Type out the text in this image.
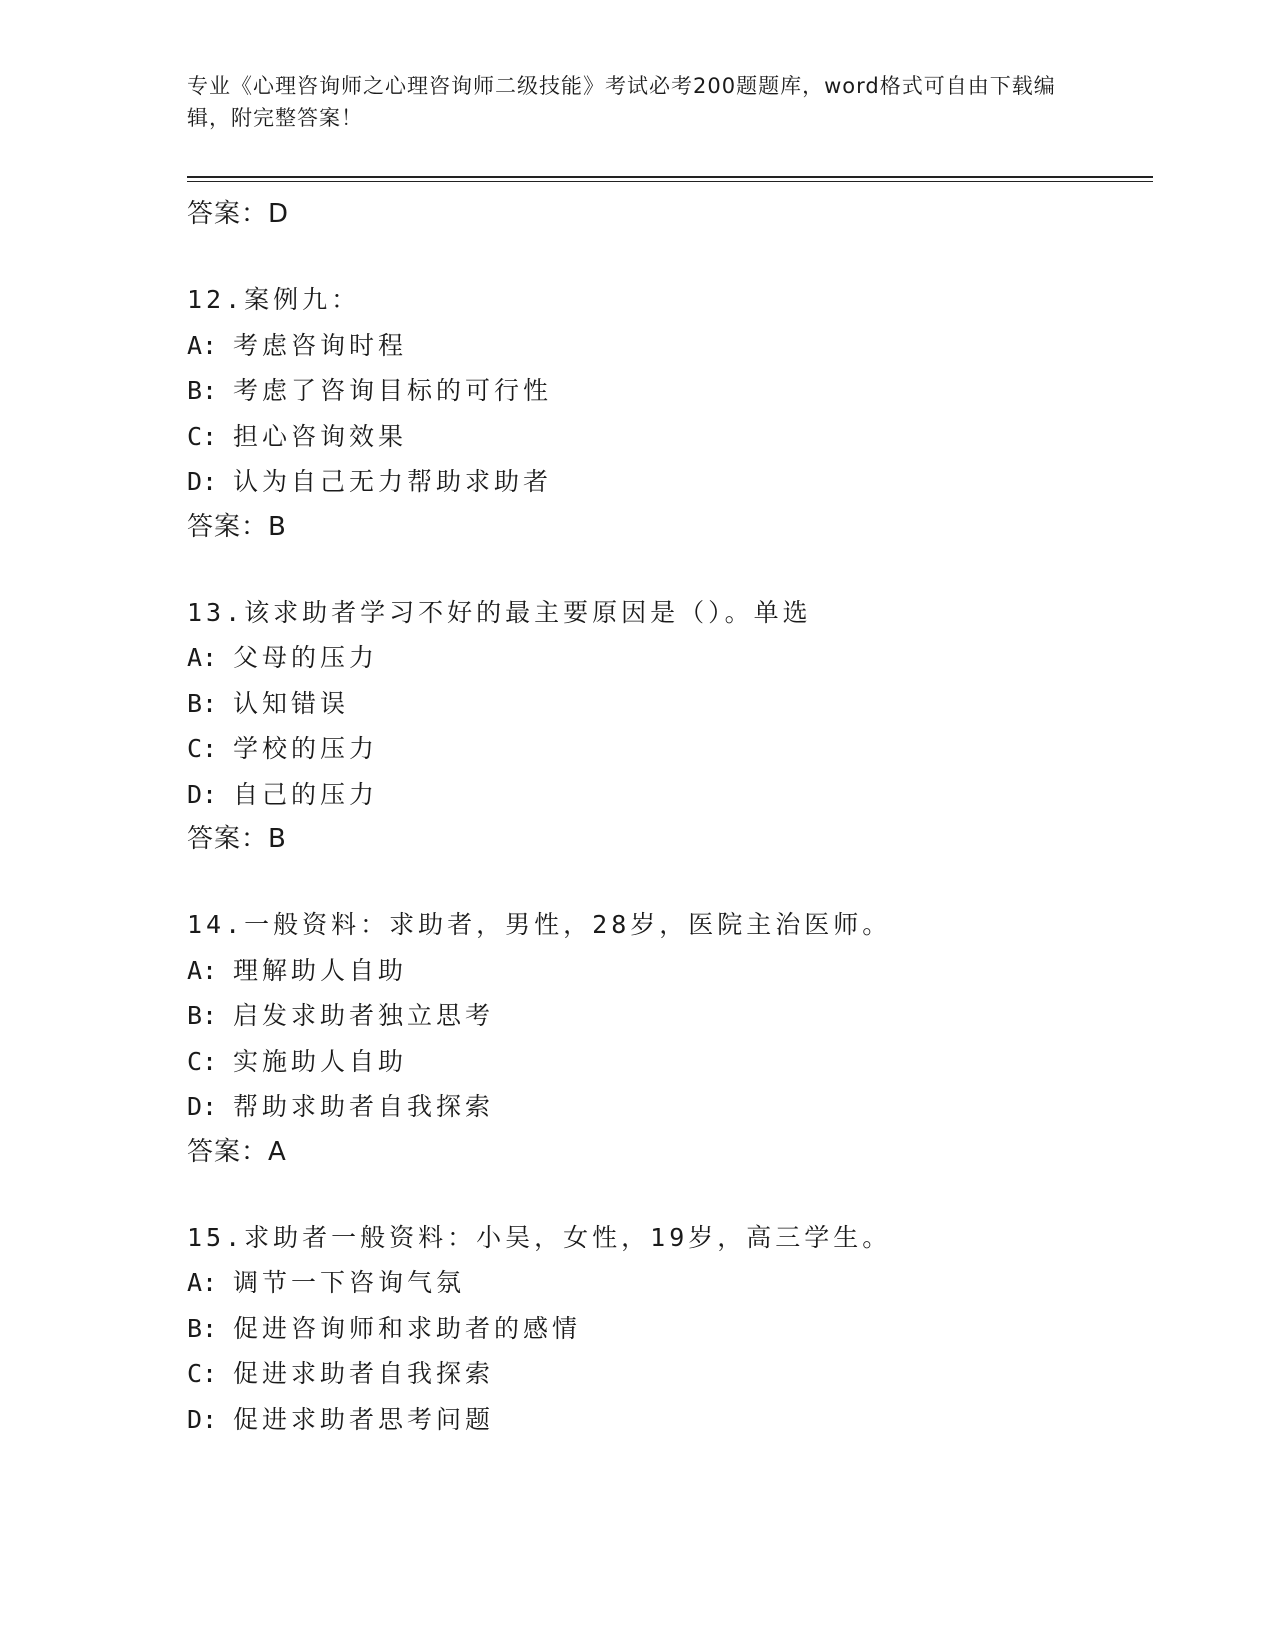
专业《心理咨询师之心理咨询师二级技能》考试必考200题题库，word格式可自由下载编辑，附完整答案！
答案：D
12.案例九：
A: 考虑咨询时程
B: 考虑了咨询目标的可行性
C: 担心咨询效果
D: 认为自己无力帮助求助者
答案：B
13.该求助者学习不好的最主要原因是（）。单选
A: 父母的压力
B: 认知错误
C: 学校的压力
D: 自己的压力
答案：B
14.一般资料：求助者，男性，28岁，医院主治医师。
A: 理解助人自助
B: 启发求助者独立思考
C: 实施助人自助
D: 帮助求助者自我探索
答案：A
15.求助者一般资料：小吴，女性，19岁，高三学生。
A: 调节一下咨询气氛
B: 促进咨询师和求助者的感情
C: 促进求助者自我探索
D: 促进求助者思考问题
